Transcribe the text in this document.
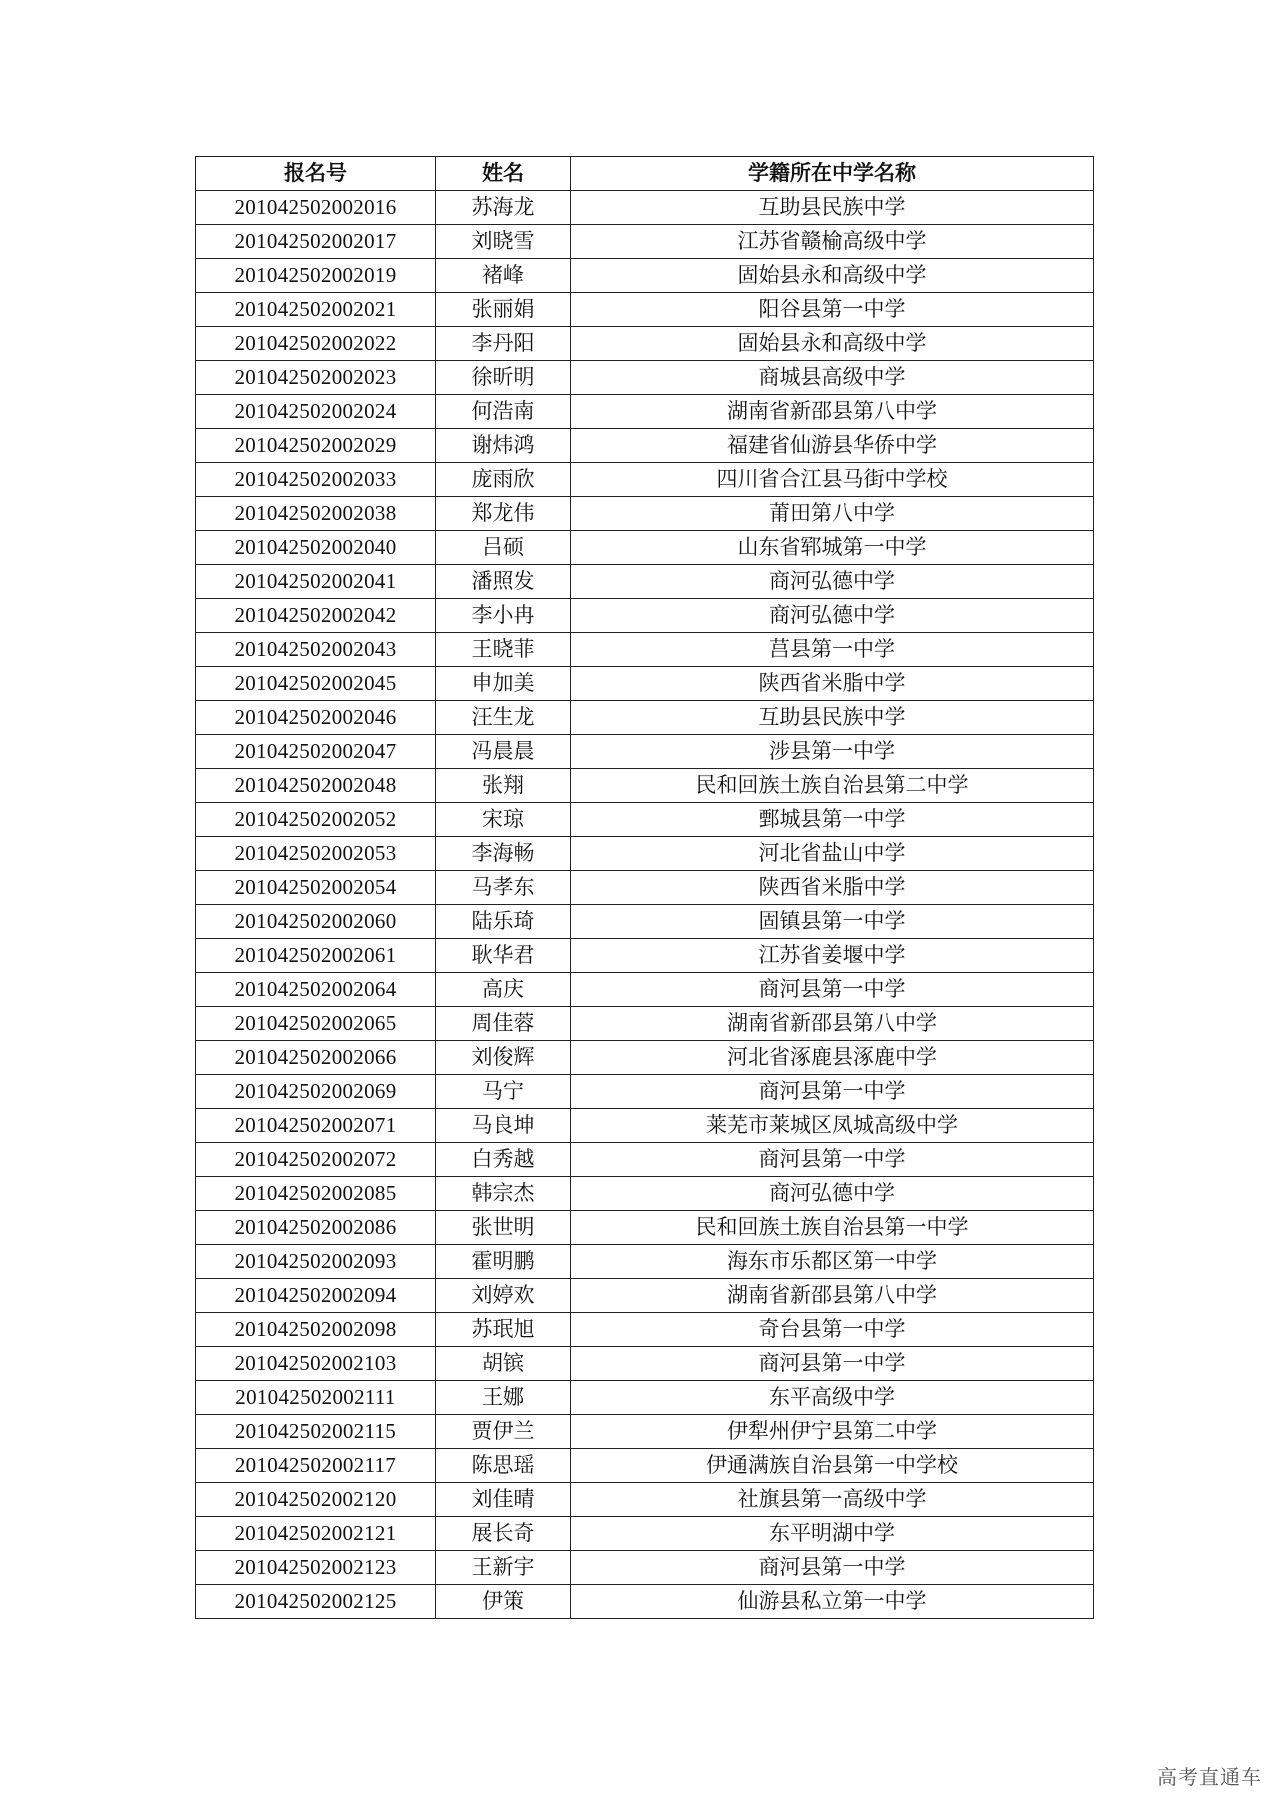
报名号	姓名	学籍所在中学名称
201042502002016	苏海龙	互助县民族中学
201042502002017	刘晓雪	江苏省赣榆高级中学
201042502002019	褚峰	固始县永和高级中学
201042502002021	张丽娟	阳谷县第一中学
201042502002022	李丹阳	固始县永和高级中学
201042502002023	徐昕明	商城县高级中学
201042502002024	何浩南	湖南省新邵县第八中学
201042502002029	谢炜鸿	福建省仙游县华侨中学
201042502002033	庞雨欣	四川省合江县马街中学校
201042502002038	郑龙伟	莆田第八中学
201042502002040	吕硕	山东省郓城第一中学
201042502002041	潘照发	商河弘德中学
201042502002042	李小冉	商河弘德中学
201042502002043	王晓菲	莒县第一中学
201042502002045	申加美	陕西省米脂中学
201042502002046	汪生龙	互助县民族中学
201042502002047	冯晨晨	涉县第一中学
201042502002048	张翔	民和回族土族自治县第二中学
201042502002052	宋琼	鄄城县第一中学
201042502002053	李海畅	河北省盐山中学
201042502002054	马孝东	陕西省米脂中学
201042502002060	陆乐琦	固镇县第一中学
201042502002061	耿华君	江苏省姜堰中学
201042502002064	高庆	商河县第一中学
201042502002065	周佳蓉	湖南省新邵县第八中学
201042502002066	刘俊辉	河北省涿鹿县涿鹿中学
201042502002069	马宁	商河县第一中学
201042502002071	马良坤	莱芜市莱城区凤城高级中学
201042502002072	白秀越	商河县第一中学
201042502002085	韩宗杰	商河弘德中学
201042502002086	张世明	民和回族土族自治县第一中学
201042502002093	霍明鹏	海东市乐都区第一中学
201042502002094	刘婷欢	湖南省新邵县第八中学
201042502002098	苏珉旭	奇台县第一中学
201042502002103	胡镔	商河县第一中学
201042502002111	王娜	东平高级中学
201042502002115	贾伊兰	伊犁州伊宁县第二中学
201042502002117	陈思瑶	伊通满族自治县第一中学校
201042502002120	刘佳晴	社旗县第一高级中学
201042502002121	展长奇	东平明湖中学
201042502002123	王新宇	商河县第一中学
201042502002125	伊策	仙游县私立第一中学
高考直通车
